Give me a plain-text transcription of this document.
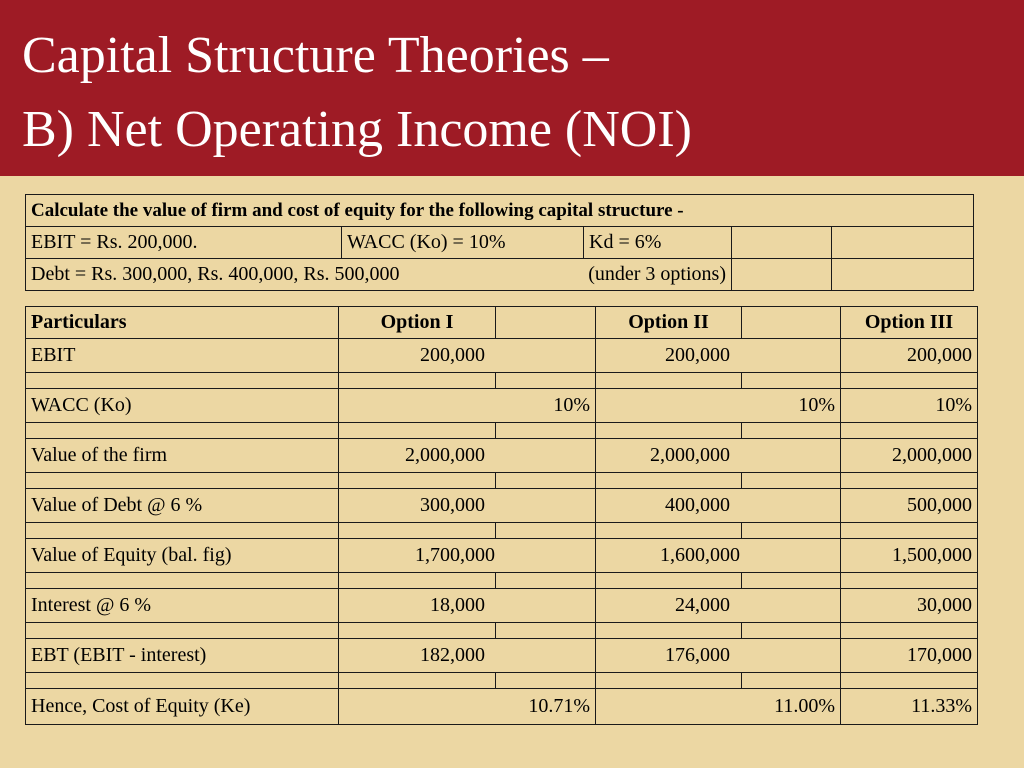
Capital Structure Theories –
B) Net Operating Income (NOI)
Calculate the value of firm and cost of equity for the following capital structure -				
EBIT = Rs. 200,000.	WACC (Ko) = 10%	Kd = 6%		
Debt = Rs. 300,000, Rs. 400,000, Rs. 500,000 (under 3 options)				

Particulars	Option I		Option II		Option III
EBIT	200,000		200,000		200,000

WACC (Ko)	10%		10%		10%

Value of the firm	2,000,000		2,000,000		2,000,000

Value of Debt @ 6 %	300,000		400,000		500,000

Value of Equity (bal. fig)	1,700,000		1,600,000		1,500,000

Interest @ 6 %	18,000		24,000		30,000

EBT (EBIT - interest)	182,000		176,000		170,000

Hence, Cost of Equity (Ke)	10.71%		11.00%		11.33%
